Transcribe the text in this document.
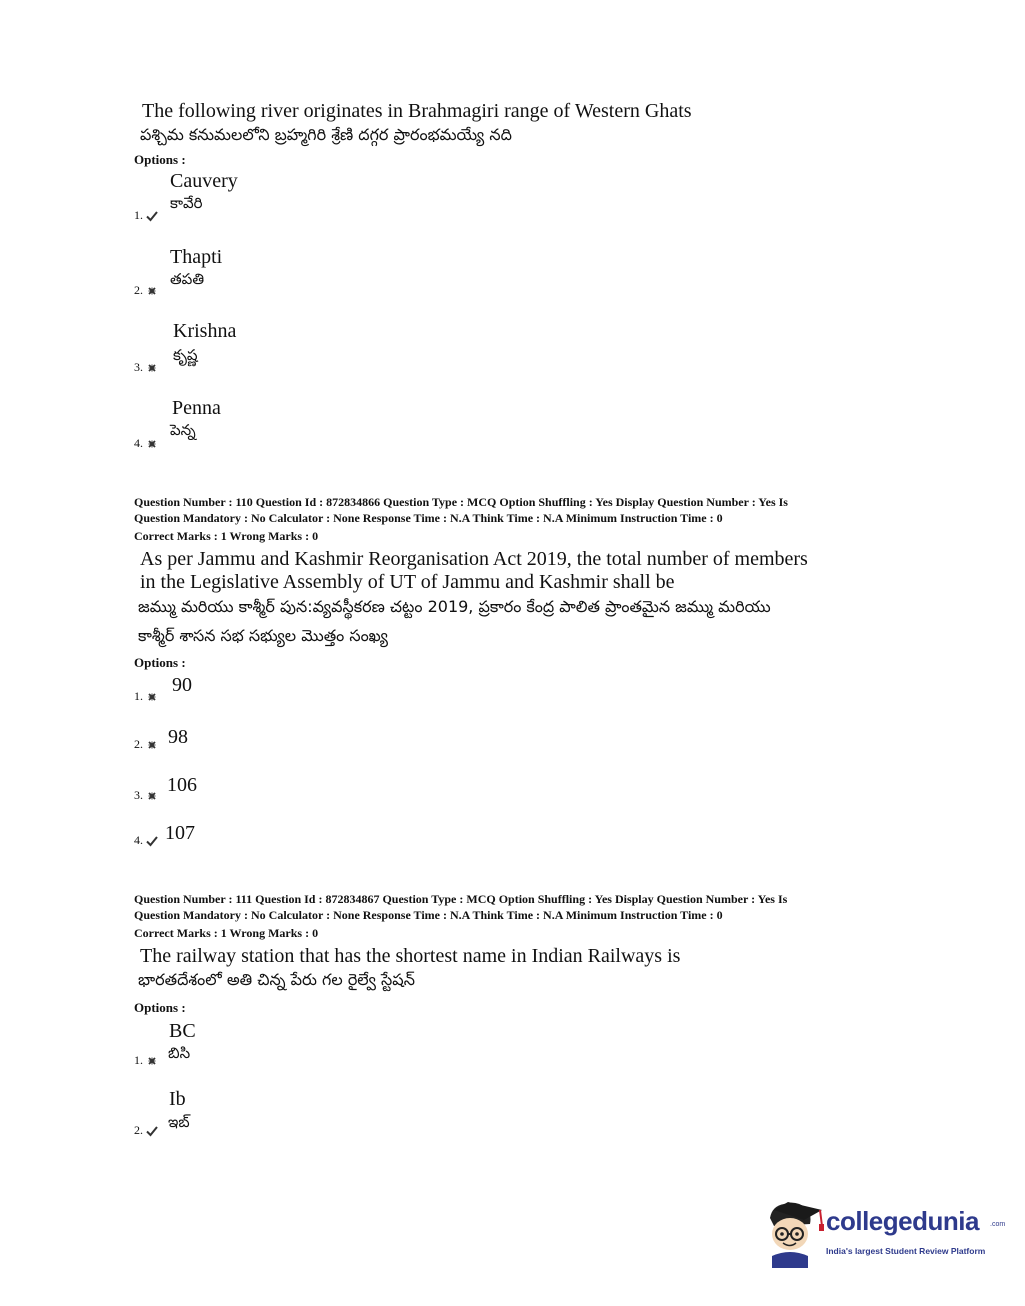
The following river originates in Brahmagiri range of Western Ghats
పశ్చిమ కనుమలలోని బ్రహ్మగిరి శ్రేణి దగ్గర ప్రారంభమయ్యే నది
Options :
Cauvery
కావేరి
1.
Thapti
తపతి
2.
Krishna
కృష్ణ
3.
Penna
పెన్న
4.
Question Number : 110 Question Id : 872834866 Question Type : MCQ Option Shuffling : Yes Display Question Number : Yes Is
Question Mandatory : No Calculator : None Response Time : N.A Think Time : N.A Minimum Instruction Time : 0
Correct Marks : 1 Wrong Marks : 0
As per Jammu and Kashmir Reorganisation Act 2019, the total number of members
in the Legislative Assembly of UT of Jammu and Kashmir shall be
జమ్ము మరియు కాశ్మీర్ పున:వ్యవస్థీకరణ చట్టం 2019, ప్రకారం కేంద్ర పాలిత ప్రాంతమైన జమ్ము మరియు
కాశ్మీర్ శాసన సభ సభ్యుల మొత్తం సంఖ్య
Options :
1.	90
2.	98
3.	106
4.	107
Question Number : 111 Question Id : 872834867 Question Type : MCQ Option Shuffling : Yes Display Question Number : Yes Is
Question Mandatory : No Calculator : None Response Time : N.A Think Time : N.A Minimum Instruction Time : 0
Correct Marks : 1 Wrong Marks : 0
The railway station that has the shortest name in Indian Railways is
భారతదేశంలో అతి చిన్న పేరు గల రైల్వే స్టేషన్
Options :
BC
బిసి
1.
Ib
ఇబ్
2.
collegedunia .com
India's largest Student Review Platform
